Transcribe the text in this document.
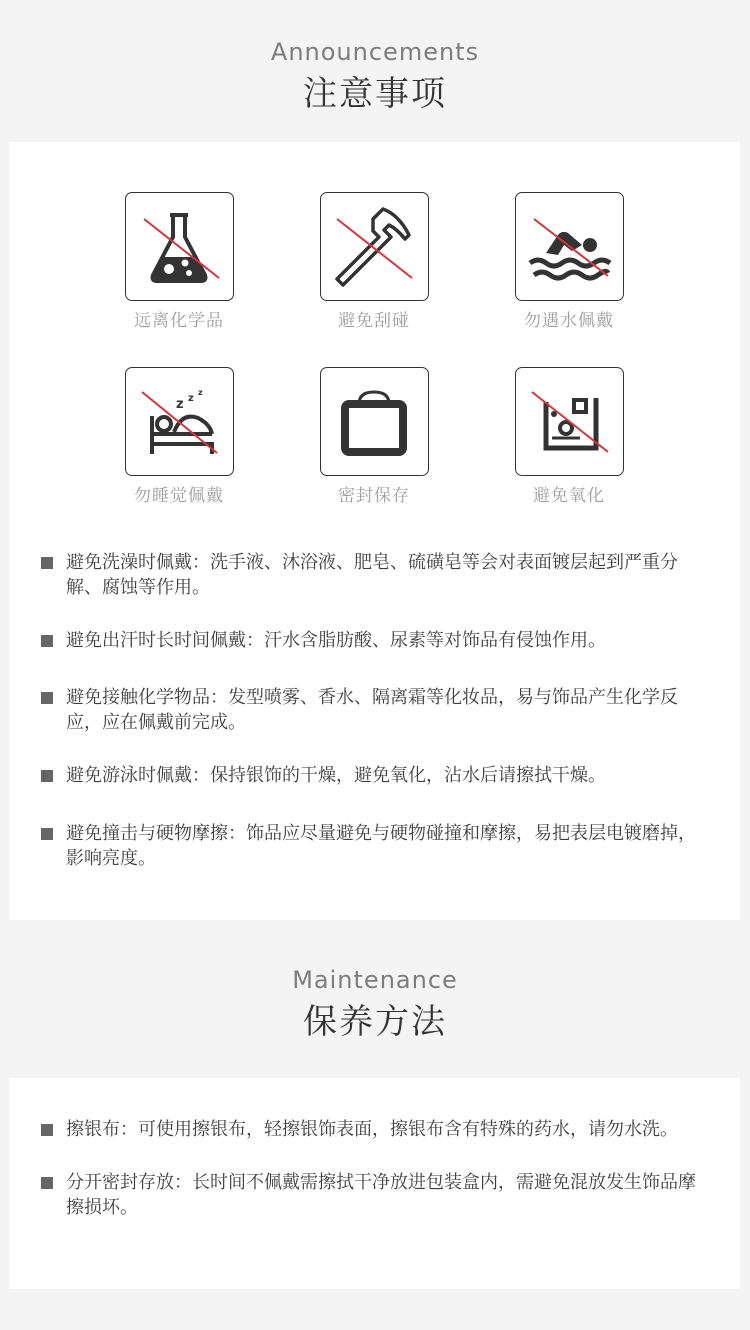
Announcements
注意事项
远离化学品	避免刮碰	勿遇水佩戴
z z
z
勿睡觉佩戴	密封保存	避免氧化
避免洗澡时佩戴：洗手液、沐浴液、肥皂、硫磺皂等会对表面镀层起到严重分解、腐蚀等作用。
避免出汗时长时间佩戴：汗水含脂肪酸、尿素等对饰品有侵蚀作用。
避免接触化学物品：发型喷雾、香水、隔离霜等化妆品，易与饰品产生化学反应，应在佩戴前完成。
避免游泳时佩戴：保持银饰的干燥，避免氧化，沾水后请擦拭干燥。
避免撞击与硬物摩擦：饰品应尽量避免与硬物碰撞和摩擦，易把表层电镀磨掉，影响亮度。
Maintenance
保养方法
擦银布：可使用擦银布，轻擦银饰表面，擦银布含有特殊的药水，请勿水洗。
分开密封存放：长时间不佩戴需擦拭干净放进包装盒内，需避免混放发生饰品摩擦损坏。
